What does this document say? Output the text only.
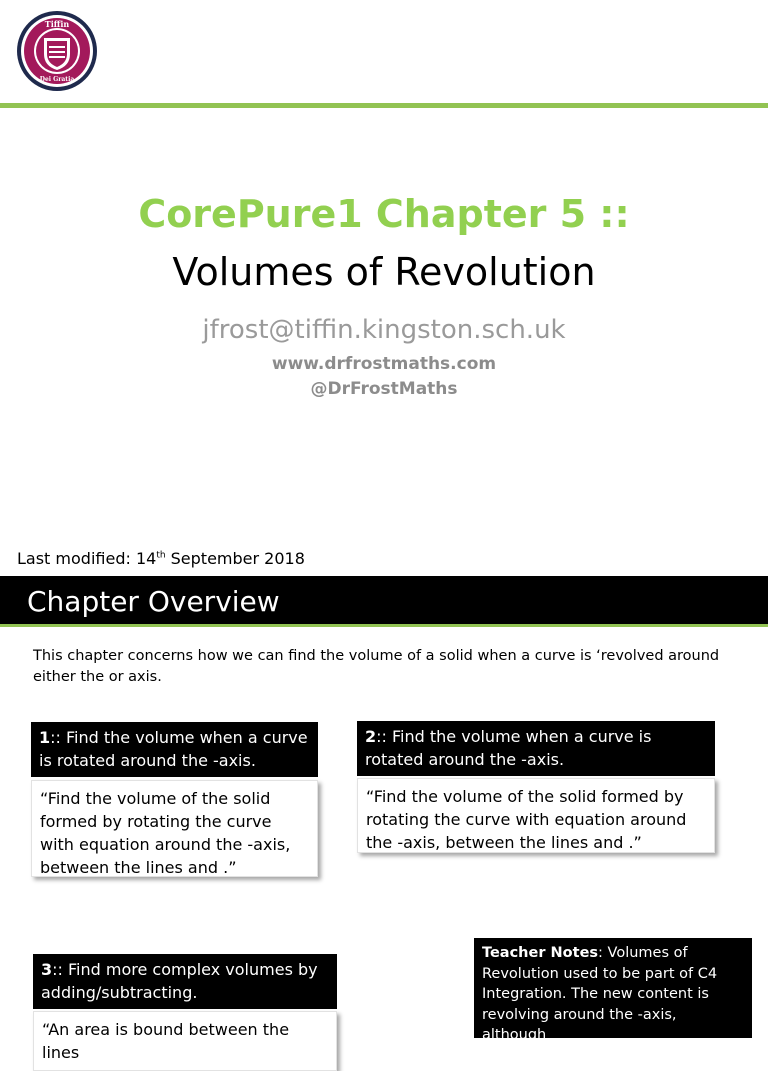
Tiffin
Dei Gratia
CorePure1 Chapter 5 ::
Volumes of Revolution
jfrost@tiffin.kingston.sch.uk
www.drfrostmaths.com
@DrFrostMaths
Last modified: 14th September 2018
Chapter Overview
This chapter concerns how we can find the volume of a solid when a curve is ‘revolved around either the or axis.
1:: Find the volume when a curve is rotated around the -axis.
“Find the volume of the solid formed by rotating the curve with equation around the -axis, between the lines and .”
2:: Find the volume when a curve is rotated around the -axis.
“Find the volume of the solid formed by rotating the curve with equation around the -axis, between the lines and .”
3:: Find more complex volumes by adding/subtracting.
“An area is bound between the lines
Teacher Notes: Volumes of Revolution used to be part of C4 Integration. The new content is revolving around the -axis, although
